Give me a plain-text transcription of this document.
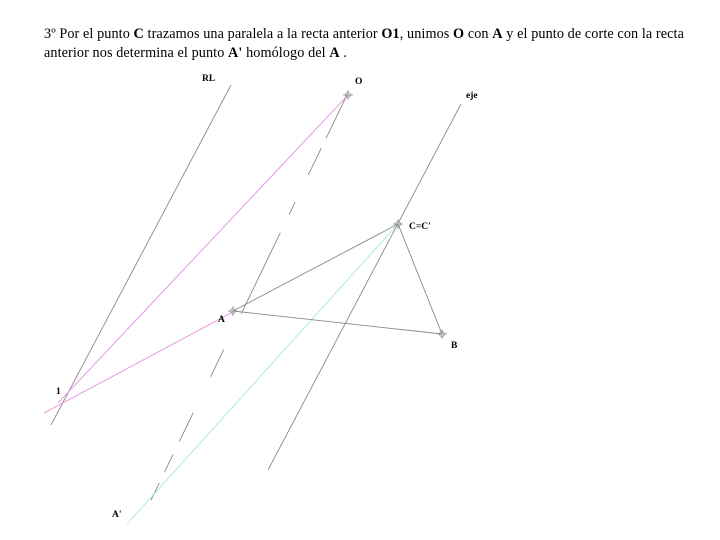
3º Por el punto C trazamos una paralela a la recta anterior O1, unimos O con A y el punto de corte con la recta anterior nos determina el punto A' homólogo del A .
RL	O
eje
C=C'
A
B
1
A'
